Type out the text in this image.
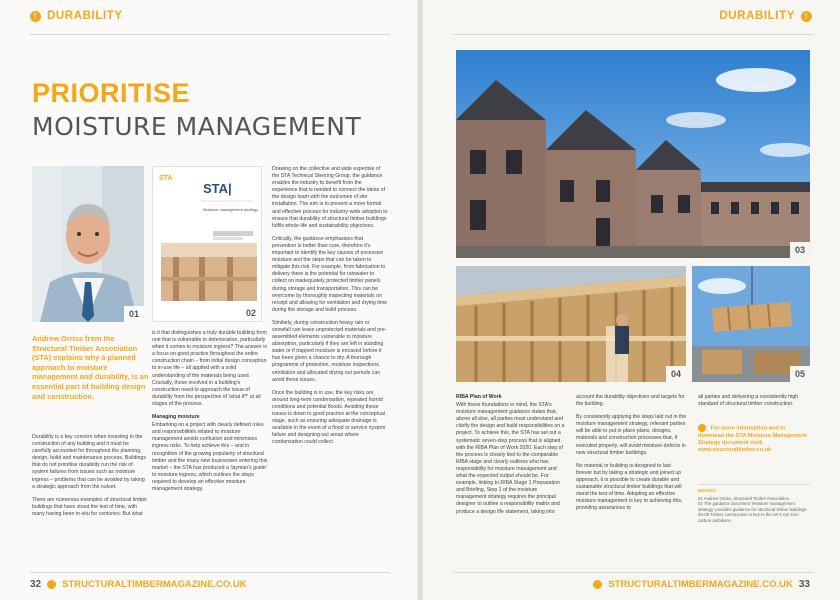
! DURABILITY
PRIORITISE
MOISTURE MANAGEMENT
01
STA
STA|
Moisture management strategy
02
Andrew Orriss from the Structural Timber Association (STA) explains why a planned approach to moisture management and durability, is an essential part of building design and construction.

Durability is a key concern when investing in the construction of any building and it must be carefully accounted for throughout the planning, design, build and maintenance process. Buildings that do not prioritise durability run the risk of system failures from issues such as moisture ingress – problems that can be avoided by taking a strategic approach from the outset.

There are numerous examples of structural timber buildings that have stood the test of time, with many having been in-situ for centuries. But what

is it that distinguishes a truly durable building from one that is vulnerable to deterioration, particularly when it comes to moisture ingress? The answer is a focus on good practice throughout the entire construction chain – from initial design conception to in-use life – all applied with a solid understanding of the materials being used. Crucially, those involved in a building's construction need to approach the issue of durability from the perspective of 'what if?' at all stages of the process.

Managing moisture

Embarking on a project with clearly defined roles and responsibilities related to moisture management avoids confusion and minimises ingress risks. To help achieve this – and in recognition of the growing popularity of structural timber and the many new businesses entering this market – the STA has produced a 'layman's guide' to moisture ingress, which outlines the steps required to develop an effective moisture management strategy.

Drawing on the collective and wide expertise of the STA Technical Steering Group, the guidance enables the industry to benefit from the experience that is needed to connect the ideas of the design team with the outcomes of site installation. The aim is to present a more formal and effective process for industry-wide adoption to ensure that durability of structural timber buildings fulfils whole-life and sustainability objectives.

Critically, the guidance emphasises that prevention is better than cure, therefore it's important to identify the key causes of excessive moisture and the steps that can be taken to mitigate this risk. For example, from fabrication to delivery there is the potential for rainwater to collect on inadequately protected timber panels during storage and transportation. This can be overcome by thoroughly inspecting materials on receipt and allowing for ventilation and drying time during the storage and build process.

Similarly, during construction heavy rain or snowfall can leave unprotected materials and pre-assembled elements vulnerable to moisture absorption, particularly if they are left in standing water or if trapped moisture is encased before it has been given a chance to dry. A thorough programme of protection, moisture inspections, ventilation and allocated drying out periods can avoid these issues.

Once the building is in use, the key risks are around long-term condensation, repeated humid conditions and potential floods. Avoiding these issues is down to good practice at the conceptual stage, such as ensuring adequate drainage is available in the event of a flood or service system failure and designing-out areas where condensation could collect.

32 STRUCTURALTIMBERMAGAZINE.CO.UK
DURABILITY	!
03
04	05

RIBA Plan of Work

With these foundations in mind, the STA's moisture management guidance states that, above all else, all parties must understand and clarify the design and build responsibilities on a project. To achieve this, the STA has set out a systematic seven-step process that is aligned with the RIBA Plan of Work 2020. Each step of the process is closely tied to the comparable RIBA stage and clearly outlines who has responsibility for moisture management and what the expected output should be. For example, linking to RIBA Stage 1 Preparation and Briefing, Step 1 of the moisture management strategy requires the principal designer to outline a responsibility matrix and produce a design life statement, taking into

account the durability objectives and targets for the building.

By consistently applying the steps laid out in the moisture management strategy, relevant parties will be able to put in place plans, designs, materials and construction processes that, if executed properly, will avoid moisture defects in new structural timber buildings.

No material or building is designed to last forever but by taking a strategic and joined up approach, it is possible to create durable and sustainable structural timber buildings that will stand the test of time. Adopting an effective moisture management is key to achieving this, providing assurances to

all parties and delivering a consistently high standard of structural timber construction.

STRUCTURALTIMBERMAGAZINE.CO.UK 33
For more information and to download the STA Moisture Management Strategy document visit: www.structuraltimber.co.uk
IMAGES:
01 Andrew Orriss, Structural Timber Association
02 The guidance document 'Moisture management strategy' provides guidance for structural timber buildings
03-05 Timber construction is key to the UK's net zero carbon ambitions
